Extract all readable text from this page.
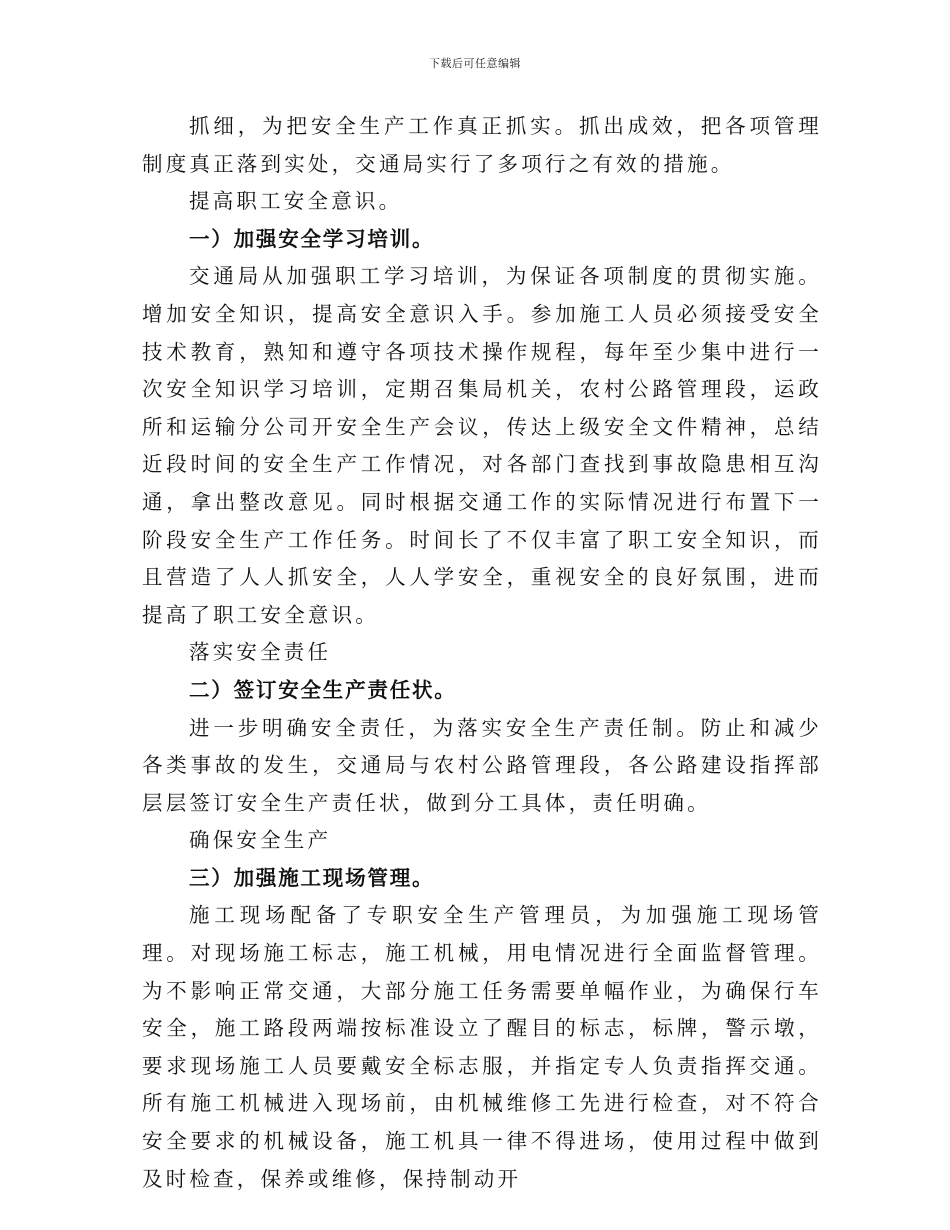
下载后可任意编辑

抓细，为把安全生产工作真正抓实。抓出成效，把各项管理制度真正落到实处，交通局实行了多项行之有效的措施。

提高职工安全意识。

一）加强安全学习培训。

交通局从加强职工学习培训，为保证各项制度的贯彻实施。增加安全知识，提高安全意识入手。参加施工人员必须接受安全技术教育，熟知和遵守各项技术操作规程，每年至少集中进行一次安全知识学习培训，定期召集局机关，农村公路管理段，运政所和运输分公司开安全生产会议，传达上级安全文件精神，总结近段时间的安全生产工作情况，对各部门查找到事故隐患相互沟通，拿出整改意见。同时根据交通工作的实际情况进行布置下一阶段安全生产工作任务。时间长了不仅丰富了职工安全知识，而且营造了人人抓安全，人人学安全，重视安全的良好氛围，进而提高了职工安全意识。

落实安全责任

二）签订安全生产责任状。

进一步明确安全责任，为落实安全生产责任制。防止和减少各类事故的发生，交通局与农村公路管理段，各公路建设指挥部层层签订安全生产责任状，做到分工具体，责任明确。

确保安全生产

三）加强施工现场管理。

施工现场配备了专职安全生产管理员，为加强施工现场管理。对现场施工标志，施工机械，用电情况进行全面监督管理。为不影响正常交通，大部分施工任务需要单幅作业，为确保行车安全，施工路段两端按标准设立了醒目的标志，标牌，警示墩，要求现场施工人员要戴安全标志服，并指定专人负责指挥交通。所有施工机械进入现场前，由机械维修工先进行检查，对不符合安全要求的机械设备，施工机具一律不得进场，使用过程中做到及时检查，保养或维修，保持制动开
